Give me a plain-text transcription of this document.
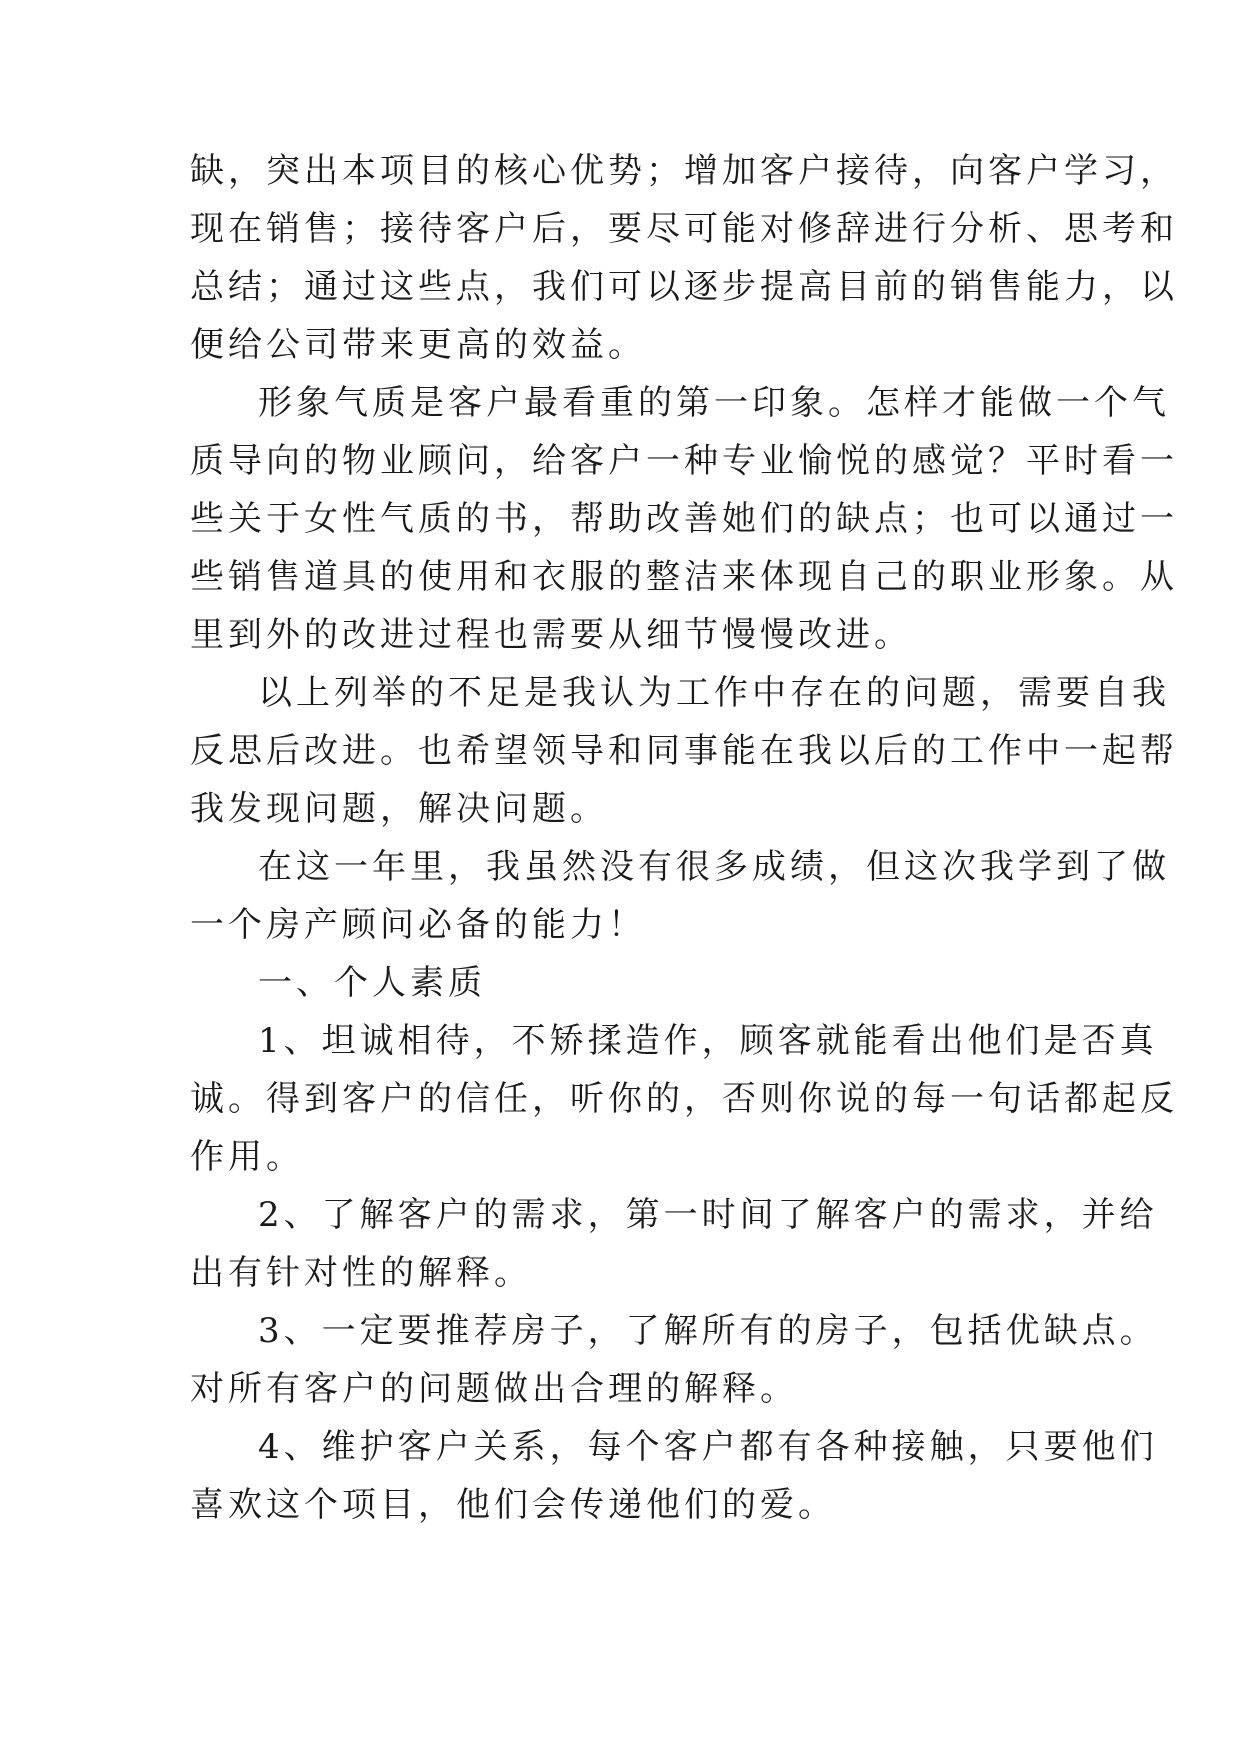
缺，突出本项目的核心优势；增加客户接待，向客户学习，
现在销售；接待客户后，要尽可能对修辞进行分析、思考和
总结；通过这些点，我们可以逐步提高目前的销售能力，以
便给公司带来更高的效益。
形象气质是客户最看重的第一印象。怎样才能做一个气
质导向的物业顾问，给客户一种专业愉悦的感觉？平时看一
些关于女性气质的书，帮助改善她们的缺点；也可以通过一
些销售道具的使用和衣服的整洁来体现自己的职业形象。从
里到外的改进过程也需要从细节慢慢改进。
以上列举的不足是我认为工作中存在的问题，需要自我
反思后改进。也希望领导和同事能在我以后的工作中一起帮
我发现问题，解决问题。
在这一年里，我虽然没有很多成绩，但这次我学到了做
一个房产顾问必备的能力！
一、个人素质
1、坦诚相待，不矫揉造作，顾客就能看出他们是否真
诚。得到客户的信任，听你的，否则你说的每一句话都起反
作用。
2、了解客户的需求，第一时间了解客户的需求，并给
出有针对性的解释。
3、一定要推荐房子，了解所有的房子，包括优缺点。
对所有客户的问题做出合理的解释。
4、维护客户关系，每个客户都有各种接触，只要他们
喜欢这个项目，他们会传递他们的爱。
